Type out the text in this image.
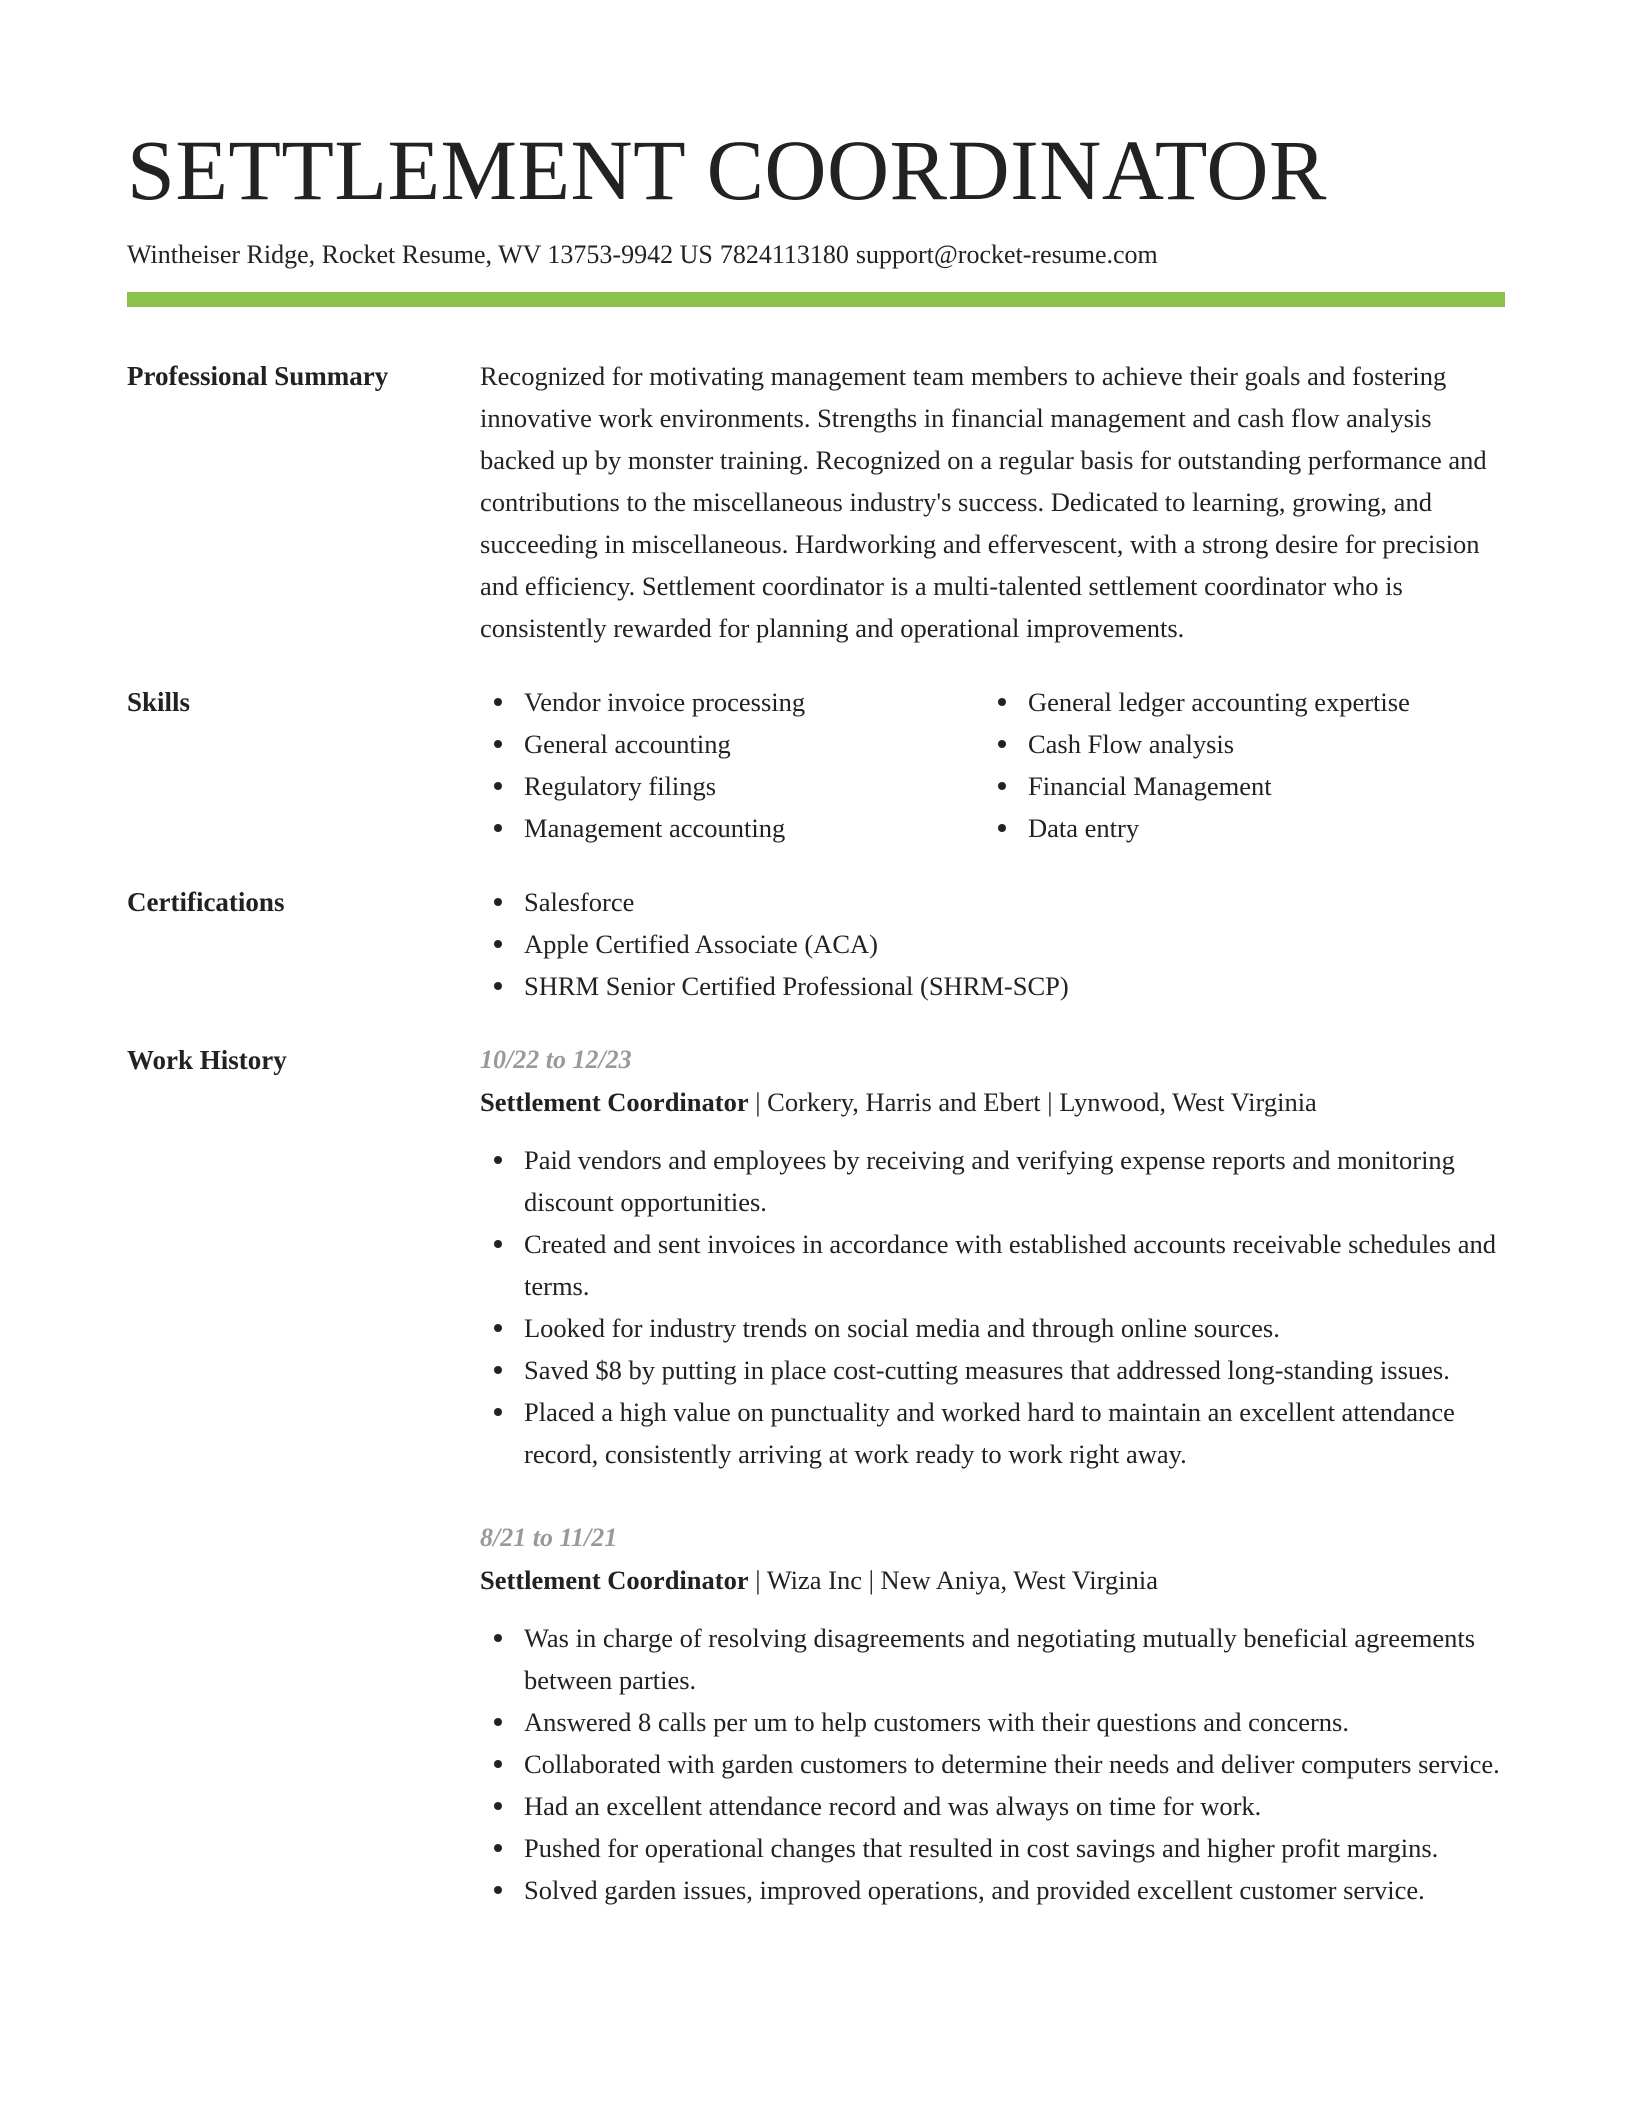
SETTLEMENT COORDINATOR
Wintheiser Ridge, Rocket Resume, WV 13753-9942 US 7824113180 support@rocket-resume.com
Professional Summary	Recognized for motivating management team members to achieve their goals and fostering innovative work environments. Strengths in financial management and cash flow analysis backed up by monster training. Recognized on a regular basis for outstanding performance and contributions to the miscellaneous industry's success. Dedicated to learning, growing, and succeeding in miscellaneous. Hardworking and effervescent, with a strong desire for precision and efficiency. Settlement coordinator is a multi-talented settlement coordinator who is consistently rewarded for planning and operational improvements.

Skills	Vendor invoice processing
General accounting
Regulatory filings
Management accounting
General ledger accounting expertise
Cash Flow analysis
Financial Management
Data entry
Certifications	Salesforce
Apple Certified Associate (ACA)
SHRM Senior Certified Professional (SHRM-SCP)
Work History	10/22 to 12/23
Settlement Coordinator | Corkery, Harris and Ebert | Lynwood, West Virginia
Paid vendors and employees by receiving and verifying expense reports and monitoring discount opportunities.
Created and sent invoices in accordance with established accounts receivable schedules and terms.
Looked for industry trends on social media and through online sources.
Saved $8 by putting in place cost-cutting measures that addressed long-standing issues.
Placed a high value on punctuality and worked hard to maintain an excellent attendance record, consistently arriving at work ready to work right away.
8/21 to 11/21
Settlement Coordinator | Wiza Inc | New Aniya, West Virginia
Was in charge of resolving disagreements and negotiating mutually beneficial agreements between parties.
Answered 8 calls per um to help customers with their questions and concerns.
Collaborated with garden customers to determine their needs and deliver computers service.
Had an excellent attendance record and was always on time for work.
Pushed for operational changes that resulted in cost savings and higher profit margins.
Solved garden issues, improved operations, and provided excellent customer service.
